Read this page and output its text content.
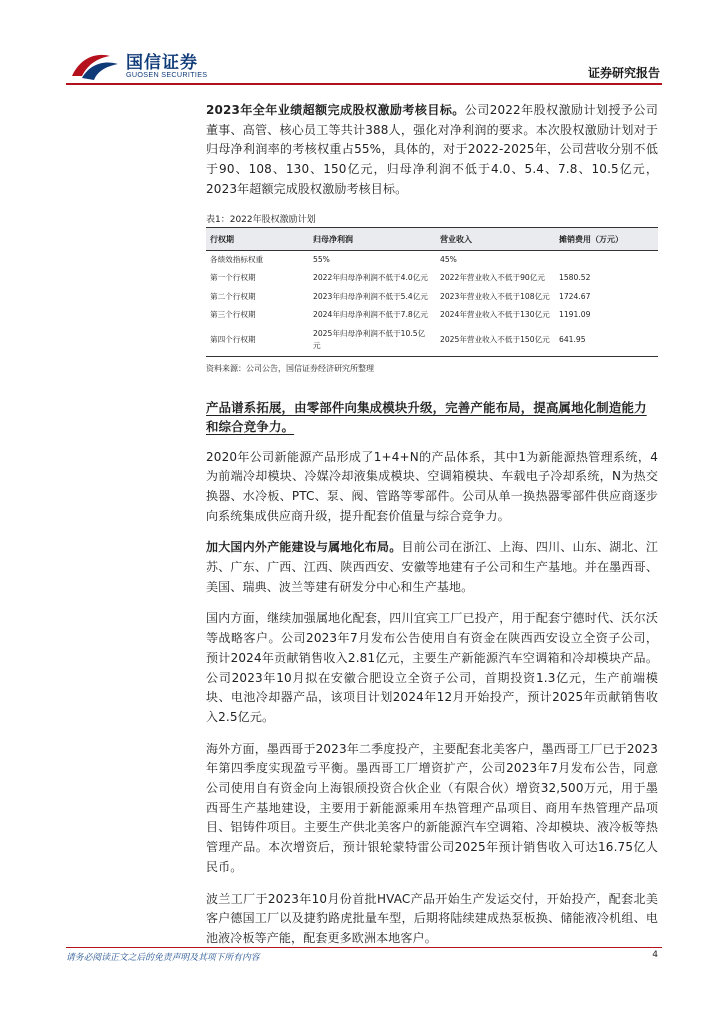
国信证券
GUOSEN SECURITIES	证券研究报告

2023年全年业绩超额完成股权激励考核目标。公司2022年股权激励计划授予公司董事、高管、核心员工等共计388人，强化对净利润的要求。本次股权激励计划对于归母净利润率的考核权重占55%，具体的，对于2022-2025年，公司营收分别不低于90、108、130、150亿元，归母净利润不低于4.0、5.4、7.8、10.5亿元，2023年超额完成股权激励考核目标。

表1：2022年股权激励计划
行权期	归母净利润	营业收入	摊销费用（万元）
各绩效指标权重	55%	45%	
第一个行权期	2022年归母净利润不低于4.0亿元	2022年营业收入不低于90亿元	1580.52
第二个行权期	2023年归母净利润不低于5.4亿元	2023年营业收入不低于108亿元	1724.67
第三个行权期	2024年归母净利润不低于7.8亿元	2024年营业收入不低于130亿元	1191.09
第四个行权期	2025年归母净利润不低于10.5亿元	2025年营业收入不低于150亿元	641.95
资料来源：公司公告，国信证券经济研究所整理
产品谱系拓展，由零部件向集成模块升级，完善产能布局，提高属地化制造能力和综合竞争力。

2020年公司新能源产品形成了1+4+N的产品体系，其中1为新能源热管理系统，4为前端冷却模块、冷媒冷却液集成模块、空调箱模块、车载电子冷却系统，N为热交换器、水冷板、PTC、泵、阀、管路等零部件。公司从单一换热器零部件供应商逐步向系统集成供应商升级，提升配套价值量与综合竞争力。

加大国内外产能建设与属地化布局。目前公司在浙江、上海、四川、山东、湖北、江苏、广东、广西、江西、陕西西安、安徽等地建有子公司和生产基地。并在墨西哥、美国、瑞典、波兰等建有研发分中心和生产基地。

国内方面，继续加强属地化配套，四川宜宾工厂已投产，用于配套宁德时代、沃尔沃等战略客户。公司2023年7月发布公告使用自有资金在陕西西安设立全资子公司，预计2024年贡献销售收入2.81亿元，主要生产新能源汽车空调箱和冷却模块产品。公司2023年10月拟在安徽合肥设立全资子公司，首期投资1.3亿元，生产前端模块、电池冷却器产品，该项目计划2024年12月开始投产，预计2025年贡献销售收入2.5亿元。

海外方面，墨西哥于2023年二季度投产，主要配套北美客户，墨西哥工厂已于2023年第四季度实现盈亏平衡。墨西哥工厂增资扩产，公司2023年7月发布公告，同意公司使用自有资金向上海银颀投资合伙企业（有限合伙）增资32,500万元，用于墨西哥生产基地建设，主要用于新能源乘用车热管理产品项目、商用车热管理产品项目、铝铸件项目。主要生产供北美客户的新能源汽车空调箱、冷却模块、液冷板等热管理产品。本次增资后，预计银轮蒙特雷公司2025年预计销售收入可达16.75亿人民币。

波兰工厂于2023年10月份首批HVAC产品开始生产发运交付，开始投产，配套北美客户德国工厂以及捷豹路虎批量车型，后期将陆续建成热泵板换、储能液冷机组、电池液冷板等产能，配套更多欧洲本地客户。

请务必阅读正文之后的免责声明及其项下所有内容	4
